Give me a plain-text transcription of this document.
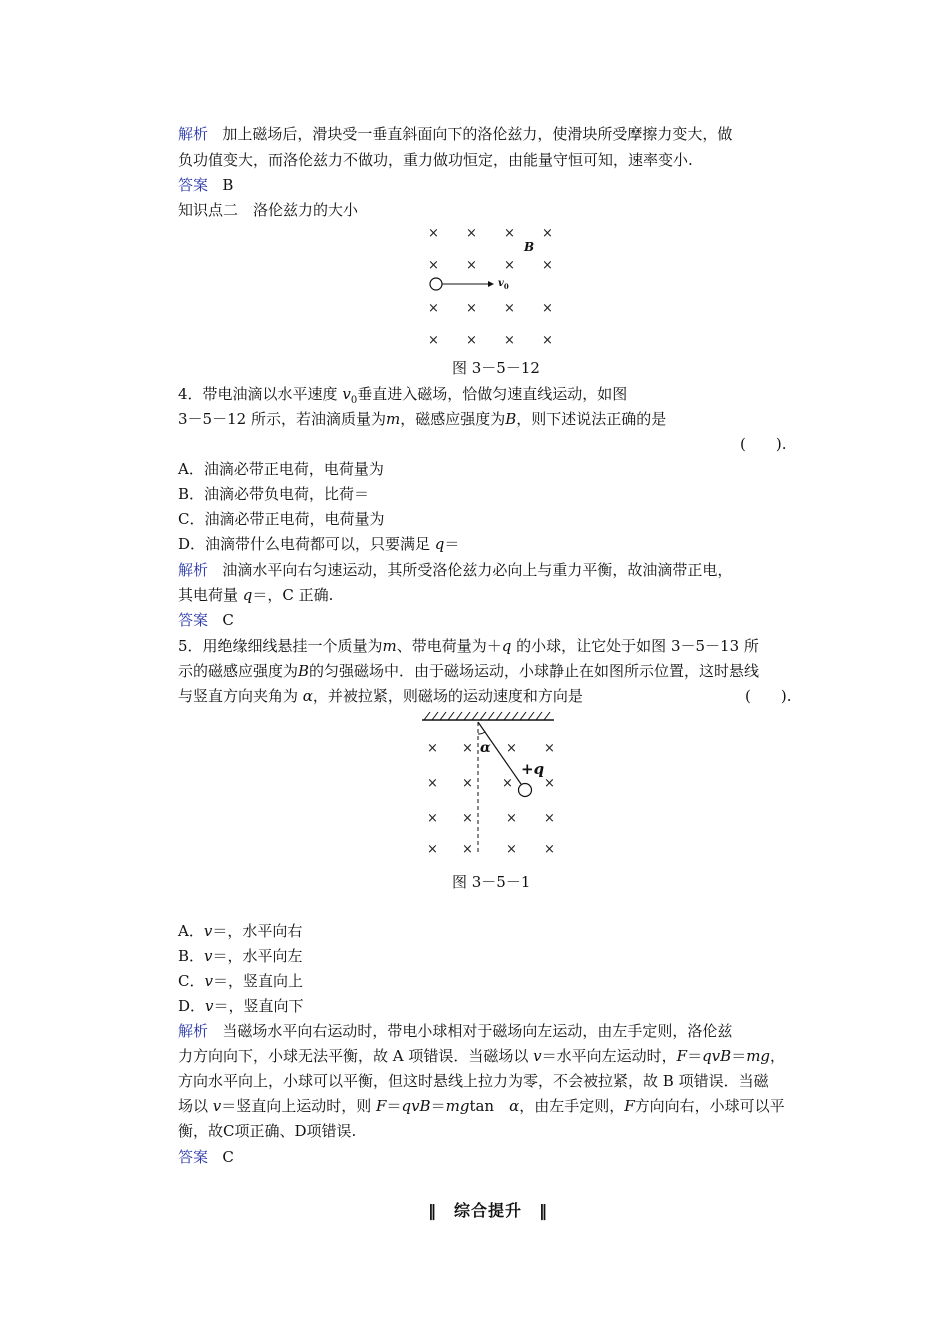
解析 加上磁场后，滑块受一垂直斜面向下的洛伦兹力，使滑块所受摩擦力变大，做
负功值变大，而洛伦兹力不做功，重力做功恒定，由能量守恒可知，速率变小.
答案 B
知识点二　洛伦兹力的大小
× × × ×
B
× × × ×
$v_0$
× × × ×
× × × ×
图 3－5－12
4．带电油滴以水平速度 $v_0$垂直进入磁场，恰做匀速直线运动，如图
3－5－12 所示，若油滴质量为m，磁感应强度为B，则下述说法正确的是
(　　).
A．油滴必带正电荷，电荷量为
B．油滴必带负电荷，比荷＝
C．油滴必带正电荷，电荷量为
D．油滴带什么电荷都可以，只要满足 q＝
解析 油滴水平向右匀速运动，其所受洛伦兹力必向上与重力平衡，故油滴带正电，
其电荷量 q＝，C 正确.
答案 C
5．用绝缘细线悬挂一个质量为m、带电荷量为＋q 的小球，让它处于如图 3－5－13 所
示的磁感应强度为B的匀强磁场中．由于磁场运动，小球静止在如图所示位置，这时悬线
与竖直方向夹角为 α，并被拉紧，则磁场的运动速度和方向是	(　　).
α
+q
× ×	× ×
× × × ×
× ×	× ×
× ×	× ×
图 3－5－1
A．v＝，水平向右
B．v＝，水平向左
C．v＝，竖直向上
D．v＝，竖直向下
解析 当磁场水平向右运动时，带电小球相对于磁场向左运动，由左手定则，洛伦兹
力方向向下，小球无法平衡，故 A 项错误．当磁场以 v＝水平向左运动时，F＝qvB＝mg，
方向水平向上，小球可以平衡，但这时悬线上拉力为零，不会被拉紧，故 B 项错误．当磁
场以 v＝竖直向上运动时，则 F＝qvB＝mgtan　α，由左手定则，F方向向右，小球可以平
衡，故C项正确、D项错误.
答案 C
‖　综合提升　‖
